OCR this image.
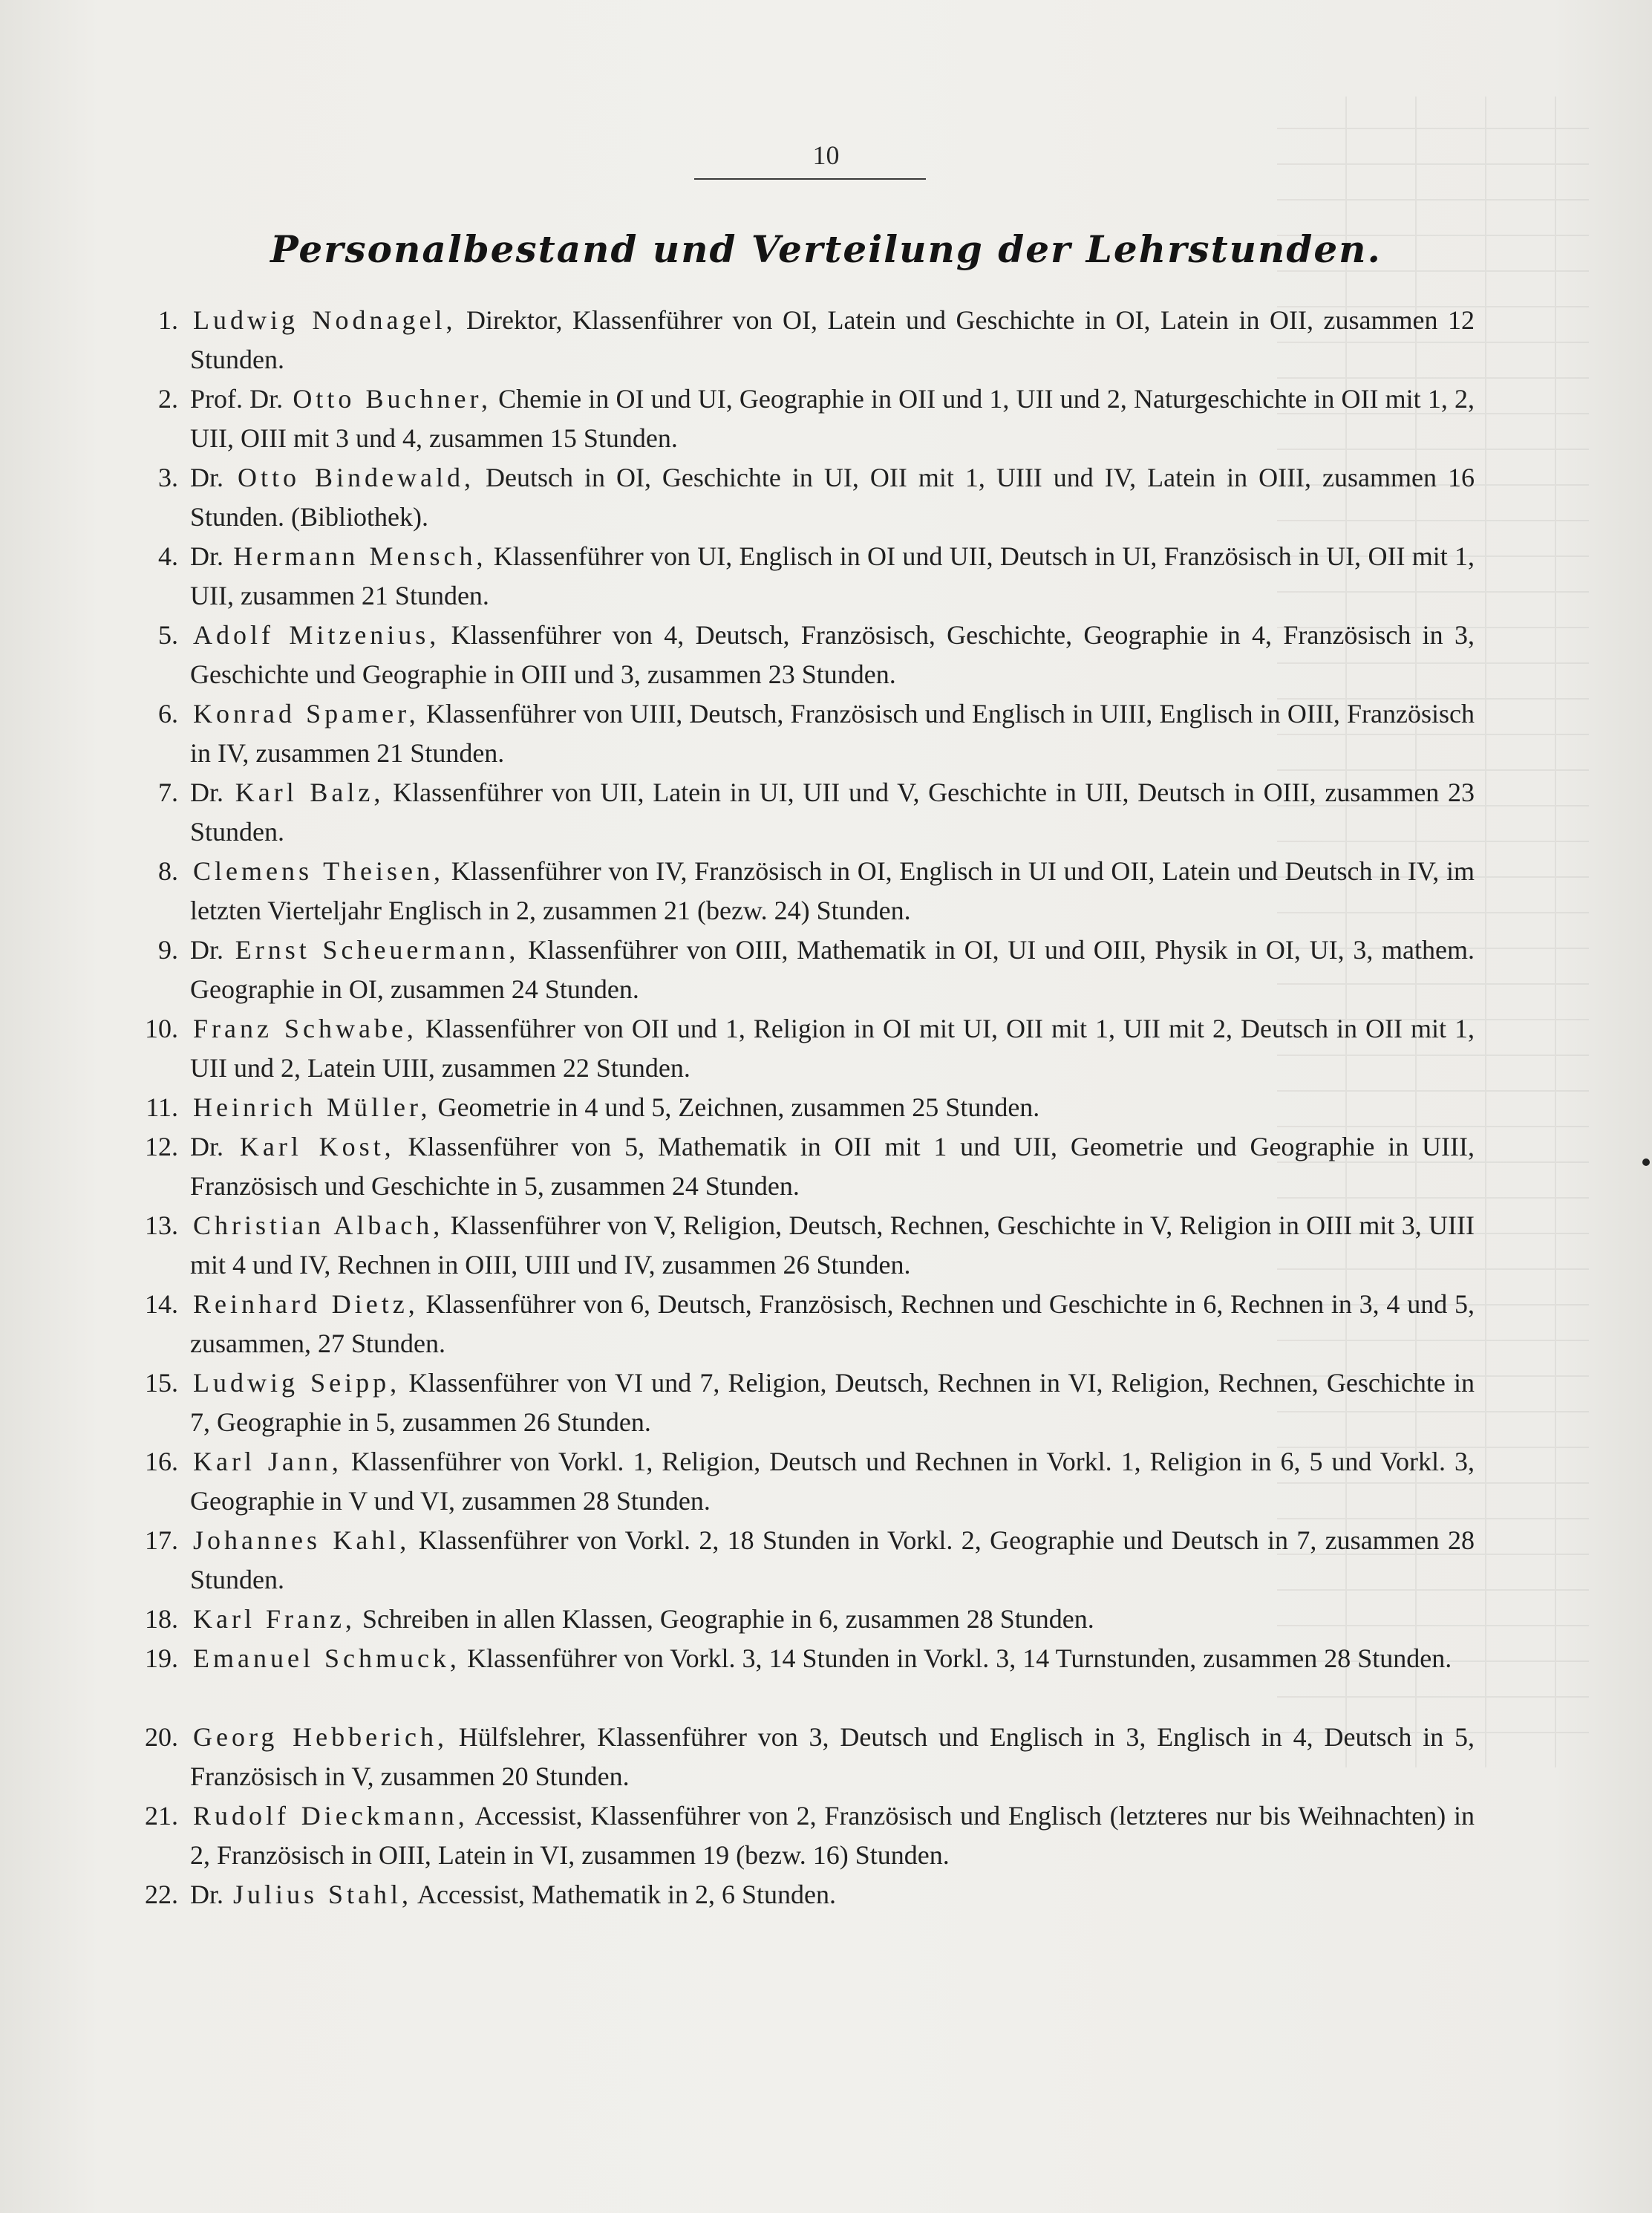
10
Personalbestand und Verteilung der Lehrstunden.
1. Ludwig Nodnagel, Direktor, Klassenführer von OI, Latein und Geschichte in OI, Latein in OII, zusammen 12 Stunden.
2. Prof. Dr. Otto Buchner, Chemie in OI und UI, Geographie in OII und 1, UII und 2, Naturgeschichte in OII mit 1, 2, UII, OIII mit 3 und 4, zusammen 15 Stunden.
3. Dr. Otto Bindewald, Deutsch in OI, Geschichte in UI, OII mit 1, UIII und IV, Latein in OIII, zusammen 16 Stunden. (Bibliothek).
4. Dr. Hermann Mensch, Klassenführer von UI, Englisch in OI und UII, Deutsch in UI, Französisch in UI, OII mit 1, UII, zusammen 21 Stunden.
5. Adolf Mitzenius, Klassenführer von 4, Deutsch, Französisch, Geschichte, Geographie in 4, Französisch in 3, Geschichte und Geographie in OIII und 3, zusammen 23 Stunden.
6. Konrad Spamer, Klassenführer von UIII, Deutsch, Französisch und Englisch in UIII, Englisch in OIII, Französisch in IV, zusammen 21 Stunden.
7. Dr. Karl Balz, Klassenführer von UII, Latein in UI, UII und V, Geschichte in UII, Deutsch in OIII, zusammen 23 Stunden.
8. Clemens Theisen, Klassenführer von IV, Französisch in OI, Englisch in UI und OII, Latein und Deutsch in IV, im letzten Vierteljahr Englisch in 2, zusammen 21 (bezw. 24) Stunden.
9. Dr. Ernst Scheuermann, Klassenführer von OIII, Mathematik in OI, UI und OIII, Physik in OI, UI, 3, mathem. Geographie in OI, zusammen 24 Stunden.
10. Franz Schwabe, Klassenführer von OII und 1, Religion in OI mit UI, OII mit 1, UII mit 2, Deutsch in OII mit 1, UII und 2, Latein UIII, zusammen 22 Stunden.
11. Heinrich Müller, Geometrie in 4 und 5, Zeichnen, zusammen 25 Stunden.
12. Dr. Karl Kost, Klassenführer von 5, Mathematik in OII mit 1 und UII, Geometrie und Geographie in UIII, Französisch und Geschichte in 5, zusammen 24 Stunden.
13. Christian Albach, Klassenführer von V, Religion, Deutsch, Rechnen, Geschichte in V, Religion in OIII mit 3, UIII mit 4 und IV, Rechnen in OIII, UIII und IV, zusammen 26 Stunden.
14. Reinhard Dietz, Klassenführer von 6, Deutsch, Französisch, Rechnen und Geschichte in 6, Rechnen in 3, 4 und 5, zusammen, 27 Stunden.
15. Ludwig Seipp, Klassenführer von VI und 7, Religion, Deutsch, Rechnen in VI, Religion, Rechnen, Geschichte in 7, Geographie in 5, zusammen 26 Stunden.
16. Karl Jann, Klassenführer von Vorkl. 1, Religion, Deutsch und Rechnen in Vorkl. 1, Religion in 6, 5 und Vorkl. 3, Geographie in V und VI, zusammen 28 Stunden.
17. Johannes Kahl, Klassenführer von Vorkl. 2, 18 Stunden in Vorkl. 2, Geographie und Deutsch in 7, zusammen 28 Stunden.
18. Karl Franz, Schreiben in allen Klassen, Geographie in 6, zusammen 28 Stunden.
19. Emanuel Schmuck, Klassenführer von Vorkl. 3, 14 Stunden in Vorkl. 3, 14 Turnstunden, zusammen 28 Stunden.
20. Georg Hebberich, Hülfslehrer, Klassenführer von 3, Deutsch und Englisch in 3, Englisch in 4, Deutsch in 5, Französisch in V, zusammen 20 Stunden.
21. Rudolf Dieckmann, Accessist, Klassenführer von 2, Französisch und Englisch (letzteres nur bis Weihnachten) in 2, Französisch in OIII, Latein in VI, zusammen 19 (bezw. 16) Stunden.
22. Dr. Julius Stahl, Accessist, Mathematik in 2, 6 Stunden.
